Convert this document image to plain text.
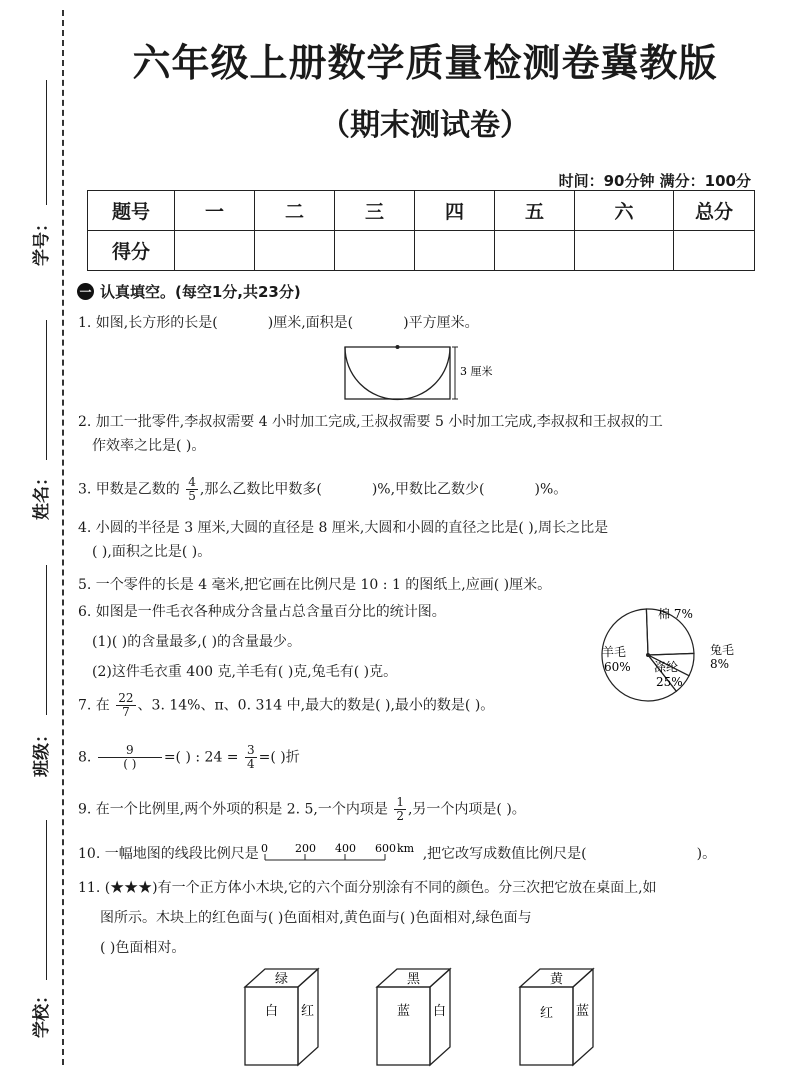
学号：
姓名：
班级：
学校：
六年级上册数学质量检测卷冀教版
（期末测试卷）
时间：90分钟 满分：100分
题号	一	二	三	四	五	六	总分
得分							
一 认真填空。(每空1分,共23分)
1. 如图,长方形的长是(	)厘米,面积是(	)平方厘米。
3 厘米
2. 加工一批零件,李叔叔需要 4 小时加工完成,王叔叔需要 5 小时加工完成,李叔叔和王叔叔的工
作效率之比是( )。
3. 甲数是乙数的 $\frac{4}{5}$ ,那么乙数比甲数多(	)%,甲数比乙数少(	)%。
4. 小圆的半径是 3 厘米,大圆的直径是 8 厘米,大圆和小圆的直径之比是( ),周长之比是
( ),面积之比是( )。
5. 一个零件的长是 4 毫米,把它画在比例尺是 10 : 1 的图纸上,应画( )厘米。
6. 如图是一件毛衣各种成分含量占总含量百分比的统计图。
(1)( )的含量最多,( )的含量最少。
(2)这件毛衣重 400 克,羊毛有( )克,兔毛有( )克。
棉 7%
兔毛
8%
羊毛
60% 涤纶
25%
7. 在 $\frac{22}{7}$ 、3. 14%、π、0. 314 中,最大的数是( ),最小的数是( )。
8. $\frac{9}{( )}$ =( ) : $24 = \frac{3}{4}$ =( )折
9. 在一个比例里,两个外项的积是 2. 5,一个内项是 $\frac{1}{2}$ ,另一个内项是( )。
10. 一幅地图的线段比例尺是 0 200 400 600 km ,把它改写成数值比例尺是(	)。
11. (★★★)有一个正方体小木块,它的六个面分别涂有不同的颜色。分三次把它放在桌面上,如
图所示。木块上的红色面与( )色面相对,黄色面与( )色面相对,绿色面与
( )色面相对。
绿
白 红
黑
蓝 白
黄
红 蓝
